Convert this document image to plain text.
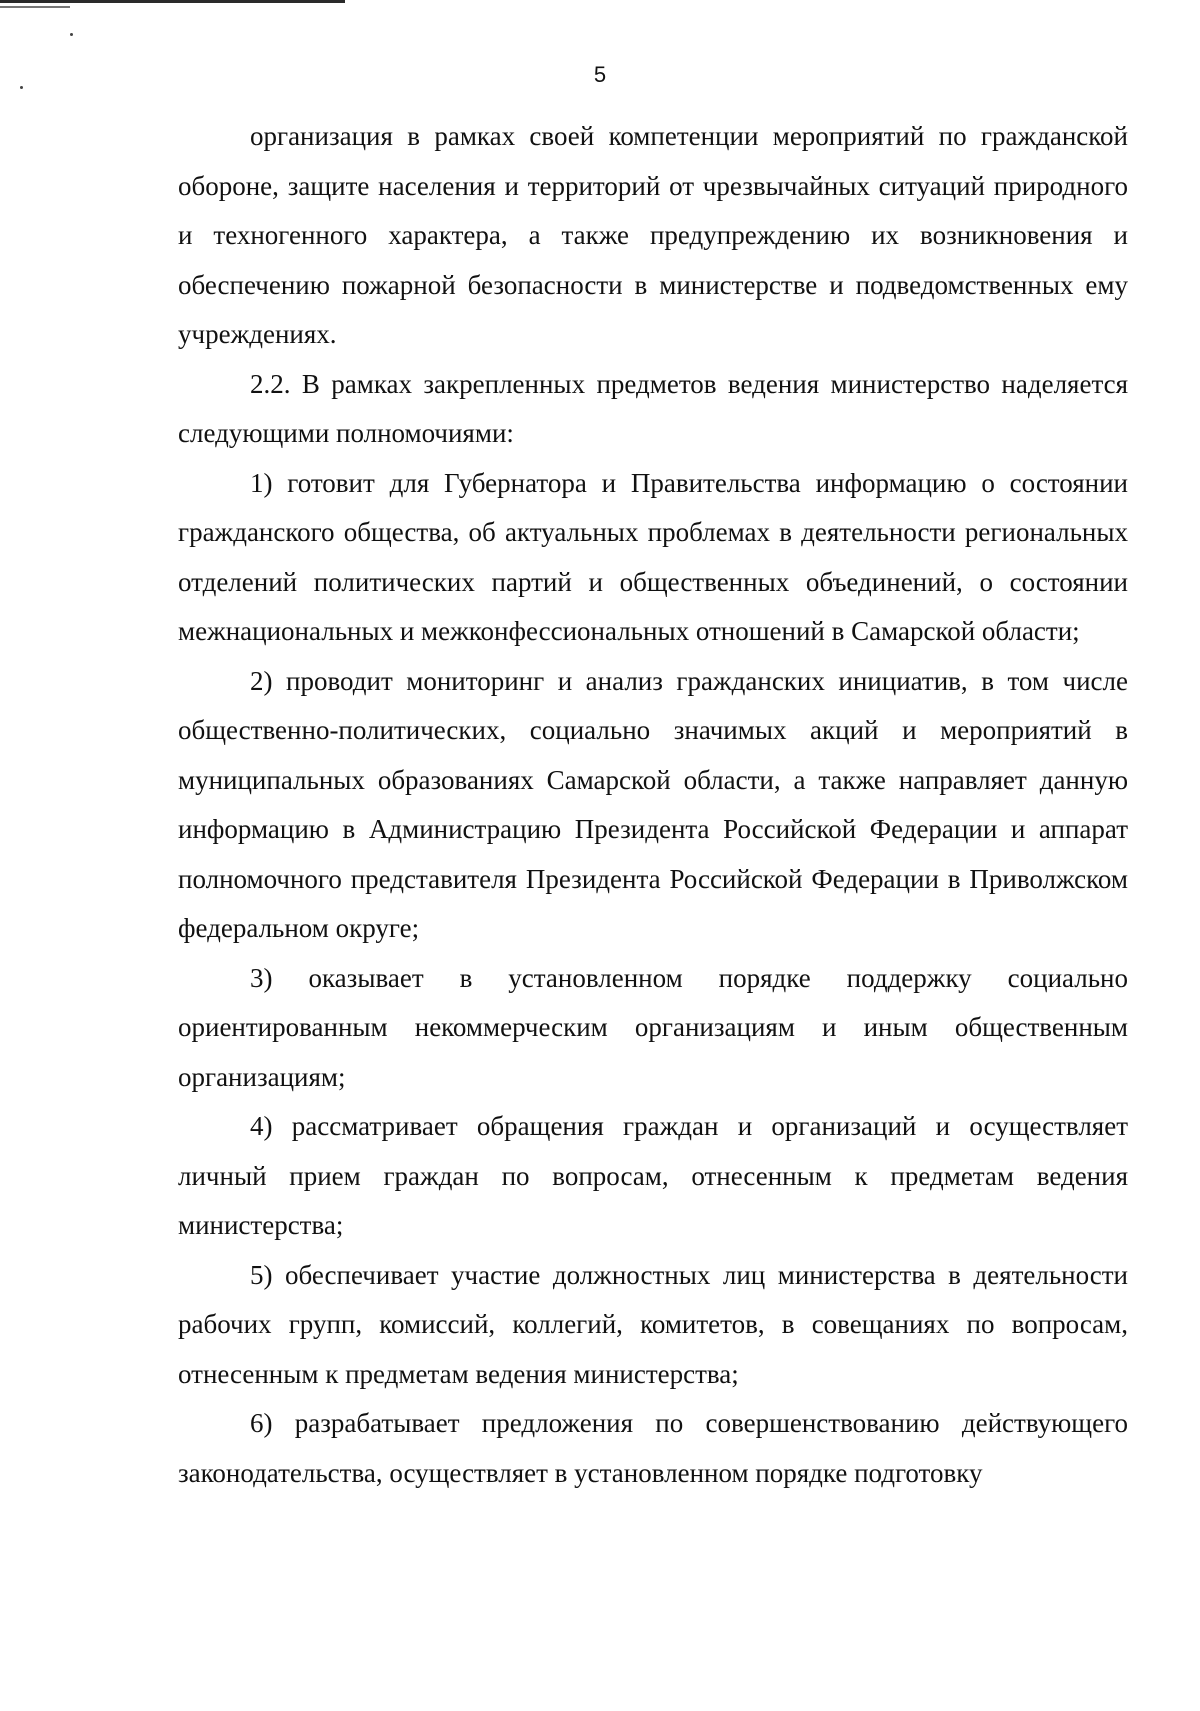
5

организация в рамках своей компетенции мероприятий по гражданской обороне, защите населения и территорий от чрезвычайных ситуаций природного и техногенного характера, а также предупреждению их возникновения и обеспечению пожарной безопасности в министерстве и подведомственных ему учреждениях.

2.2. В рамках закрепленных предметов ведения министерство наделяется следующими полномочиями:

1) готовит для Губернатора и Правительства информацию о состоянии гражданского общества, об актуальных проблемах в деятельности региональных отделений политических партий и общественных объединений, о состоянии межнациональных и межконфессиональных отношений в Самарской области;

2) проводит мониторинг и анализ гражданских инициатив, в том числе общественно-политических, социально значимых акций и мероприятий в муниципальных образованиях Самарской области, а также направляет данную информацию в Администрацию Президента Российской Федерации и аппарат полномочного представителя Президента Российской Федерации в Приволжском федеральном округе;

3) оказывает в установленном порядке поддержку социально ориентированным некоммерческим организациям и иным общественным организациям;

4) рассматривает обращения граждан и организаций и осуществляет личный прием граждан по вопросам, отнесенным к предметам ведения министерства;

5) обеспечивает участие должностных лиц министерства в деятельности рабочих групп, комиссий, коллегий, комитетов, в совещаниях по вопросам, отнесенным к предметам ведения министерства;

6) разрабатывает предложения по совершенствованию действующего законодательства, осуществляет в установленном порядке подготовку
